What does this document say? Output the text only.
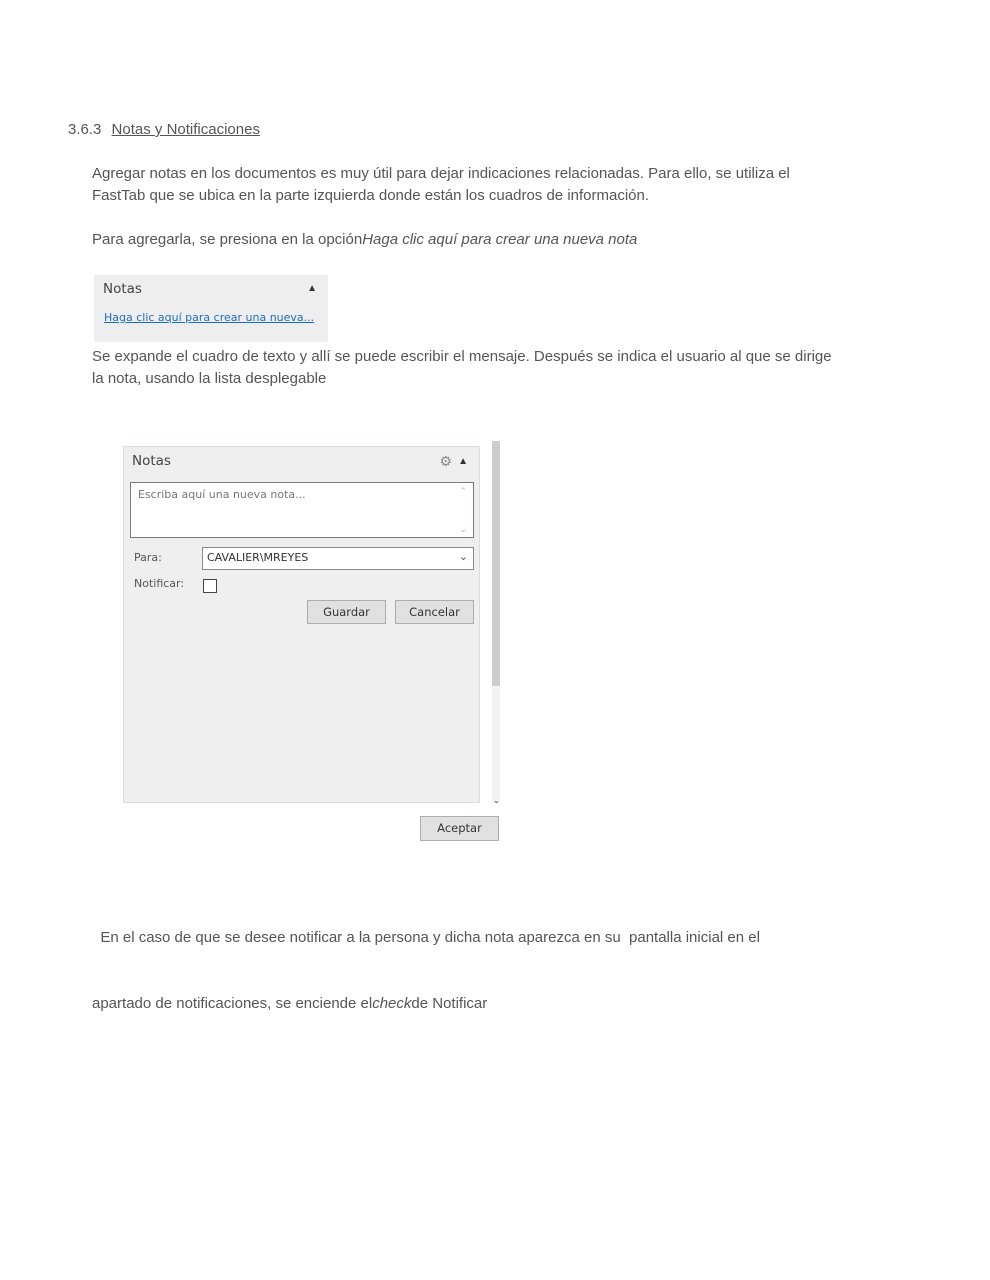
3.6.3 Notas y Notificaciones
Agregar notas en los documentos es muy útil para dejar indicaciones relacionadas. Para ello, se utiliza el
FastTab que se ubica en la parte izquierda donde están los cuadros de información.
Para agregarla, se presiona en la opciónHaga clic aquí para crear una nueva nota
Notas	▲
Haga clic aquí para crear una nueva...
Se expande el cuadro de texto y allí se puede escribir el mensaje. Después se indica el usuario al que se dirige
la nota, usando la lista desplegable
Notas	⚙ ▲
Escriba aquí una nueva nota...	⌃
⌄
Para:	CAVALIER\MREYES	⌄
Notificar:
Guardar	Cancelar
⌄
Aceptar

En el caso de que se desee notificar a la persona y dicha nota aparezca en su  pantalla inicial en el

apartado de notificaciones, se enciende elcheckde Notificar
